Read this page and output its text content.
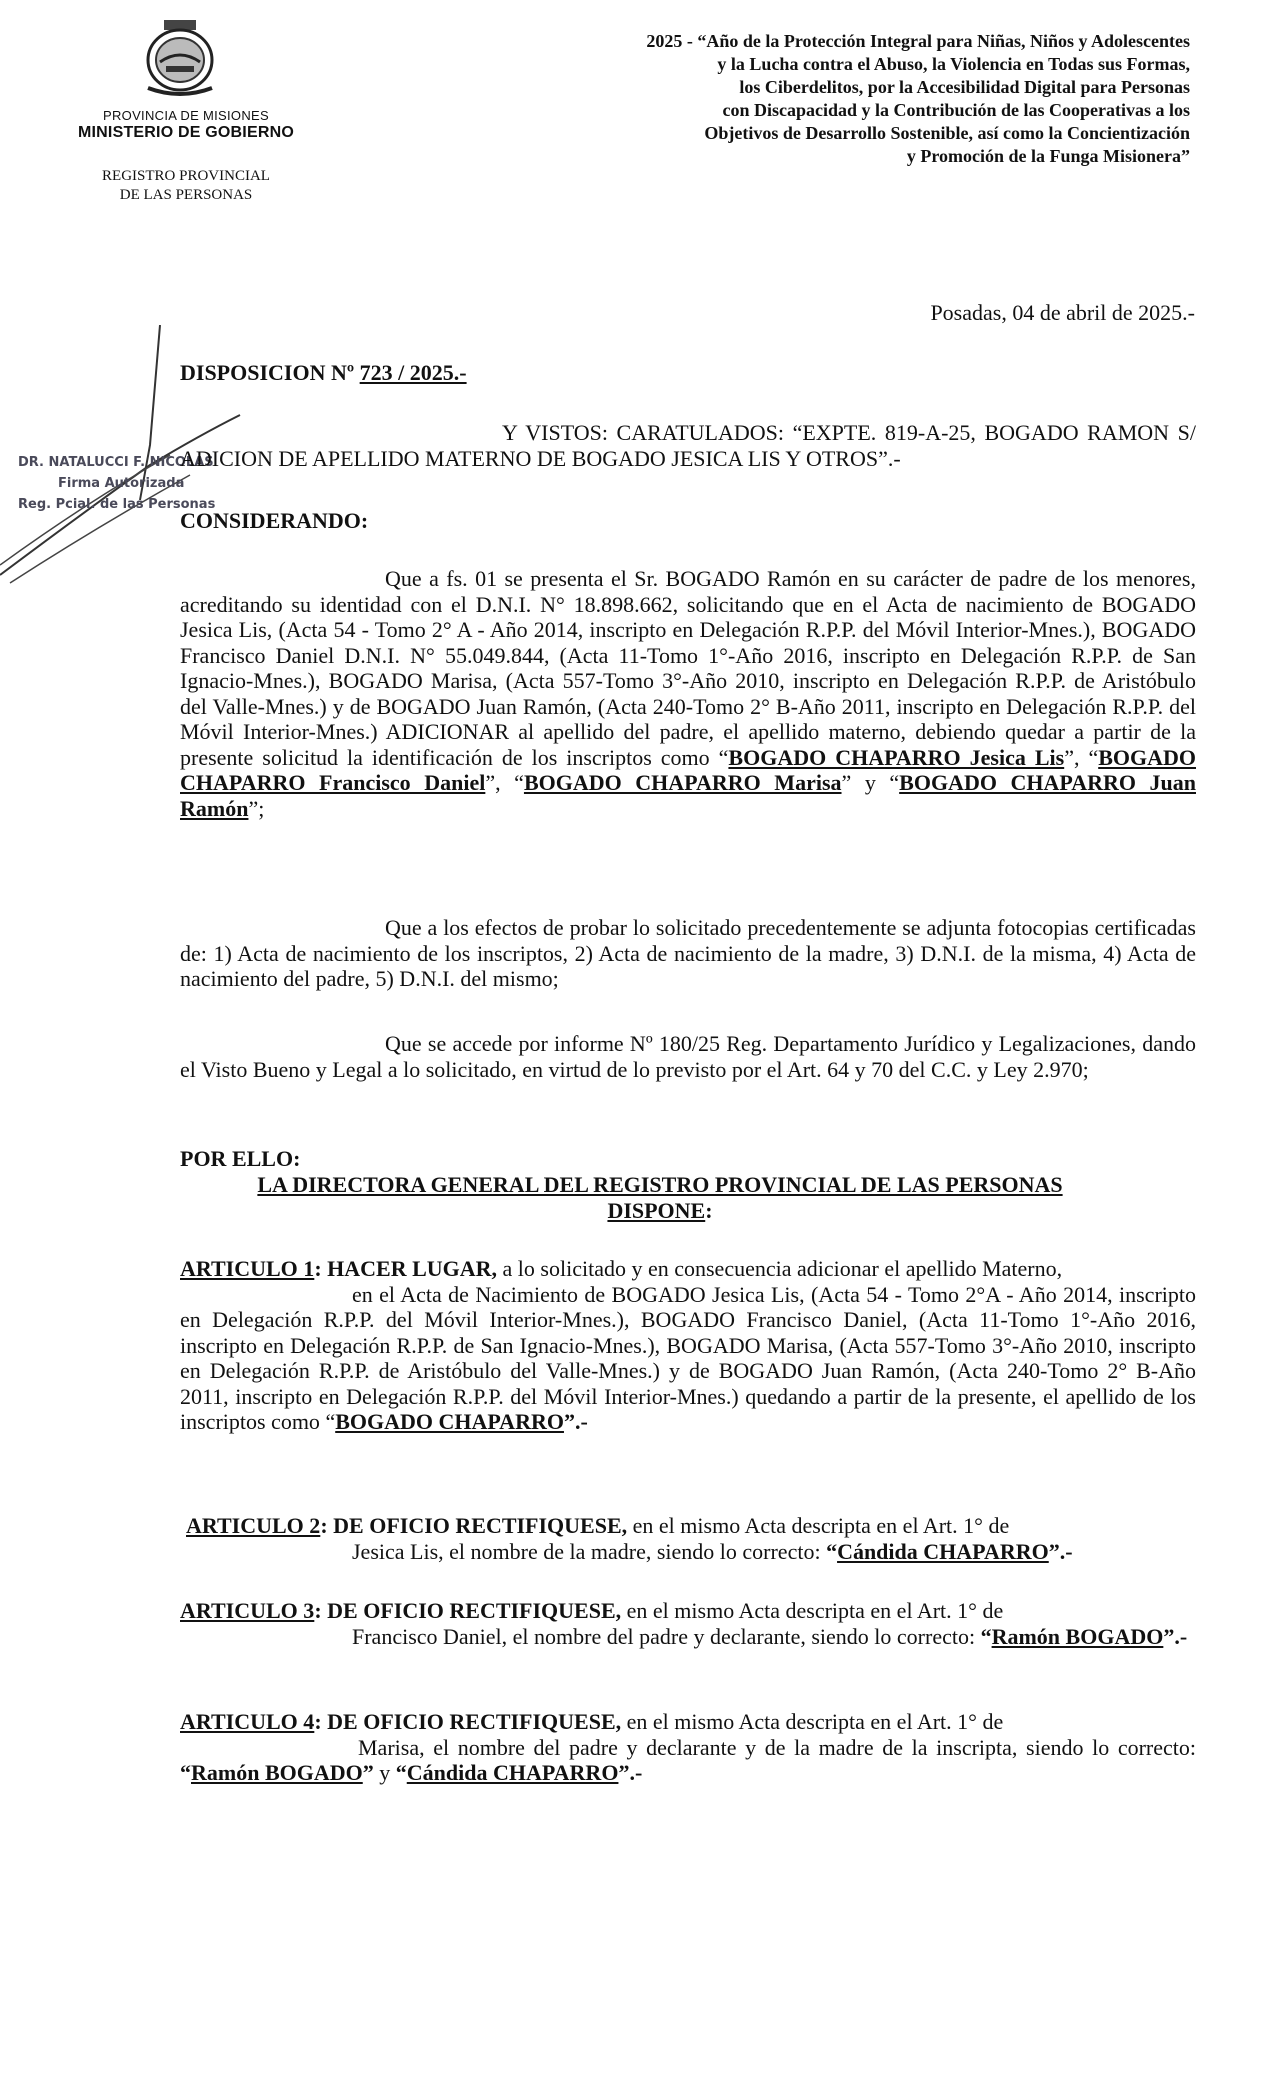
PROVINCIA DE MISIONES
MINISTERIO DE GOBIERNO
REGISTRO PROVINCIAL
DE LAS PERSONAS
2025 - “Año de la Protección Integral para Niñas, Niños y Adolescentes
y la Lucha contra el Abuso, la Violencia en Todas sus Formas,
los Ciberdelitos, por la Accesibilidad Digital para Personas
con Discapacidad y la Contribución de las Cooperativas a los
Objetivos de Desarrollo Sostenible, así como la Concientización
y Promoción de la Funga Misionera”
DR. NATALUCCI F. NICOLAS
Firma Autorizada
Reg. Pcial. de las Personas
Posadas, 04 de abril de 2025.-
DISPOSICION Nº 723 / 2025.-

Y VISTOS: CARATULADOS: “EXPTE. 819-A-25, BOGADO RAMON S/ ADICION DE APELLIDO MATERNO DE BOGADO JESICA LIS Y OTROS”.-

CONSIDERANDO:

Que a fs. 01 se presenta el Sr. BOGADO Ramón en su carácter de padre de los menores, acreditando su identidad con el D.N.I. N° 18.898.662, solicitando que en el Acta de nacimiento de BOGADO Jesica Lis, (Acta 54 - Tomo 2° A - Año 2014, inscripto en Delegación R.P.P. del Móvil Interior-Mnes.), BOGADO Francisco Daniel D.N.I. N° 55.049.844, (Acta 11-Tomo 1°-Año 2016, inscripto en Delegación R.P.P. de San Ignacio-Mnes.), BOGADO Marisa, (Acta 557-Tomo 3°-Año 2010, inscripto en Delegación R.P.P. de Aristóbulo del Valle-Mnes.) y de BOGADO Juan Ramón, (Acta 240-Tomo 2° B-Año 2011, inscripto en Delegación R.P.P. del Móvil Interior-Mnes.) ADICIONAR al apellido del padre, el apellido materno, debiendo quedar a partir de la presente solicitud la identificación de los inscriptos como “BOGADO CHAPARRO Jesica Lis”, “BOGADO CHAPARRO Francisco Daniel”, “BOGADO CHAPARRO Marisa” y “BOGADO CHAPARRO Juan Ramón”;

Que a los efectos de probar lo solicitado precedentemente se adjunta fotocopias certificadas de: 1) Acta de nacimiento de los inscriptos, 2) Acta de nacimiento de la madre, 3) D.N.I. de la misma, 4) Acta de nacimiento del padre, 5) D.N.I. del mismo;

Que se accede por informe Nº 180/25 Reg. Departamento Jurídico y Legalizaciones, dando el Visto Bueno y Legal a lo solicitado, en virtud de lo previsto por el Art. 64 y 70 del C.C. y Ley 2.970;

POR ELLO:
LA DIRECTORA GENERAL DEL REGISTRO PROVINCIAL DE LAS PERSONAS
DISPONE:

ARTICULO 1: HACER LUGAR, a lo solicitado y en consecuencia adicionar el apellido Materno,

en el Acta de Nacimiento de BOGADO Jesica Lis, (Acta 54 - Tomo 2°A - Año 2014, inscripto en Delegación R.P.P. del Móvil Interior-Mnes.), BOGADO Francisco Daniel, (Acta 11-Tomo 1°-Año 2016, inscripto en Delegación R.P.P. de San Ignacio-Mnes.), BOGADO Marisa, (Acta 557-Tomo 3°-Año 2010, inscripto en Delegación R.P.P. de Aristóbulo del Valle-Mnes.) y de BOGADO Juan Ramón, (Acta 240-Tomo 2° B-Año 2011, inscripto en Delegación R.P.P. del Móvil Interior-Mnes.) quedando a partir de la presente, el apellido de los inscriptos como “BOGADO CHAPARRO”.-

ARTICULO 2: DE OFICIO RECTIFIQUESE, en el mismo Acta descripta en el Art. 1° de

Jesica Lis, el nombre de la madre, siendo lo correcto: “Cándida CHAPARRO”.-

ARTICULO 3: DE OFICIO RECTIFIQUESE, en el mismo Acta descripta en el Art. 1° de

Francisco Daniel, el nombre del padre y declarante, siendo lo correcto: “Ramón BOGADO”.-

ARTICULO 4: DE OFICIO RECTIFIQUESE, en el mismo Acta descripta en el Art. 1° de

Marisa, el nombre del padre y declarante y de la madre de la inscripta, siendo lo correcto: “Ramón BOGADO” y “Cándida CHAPARRO”.-
